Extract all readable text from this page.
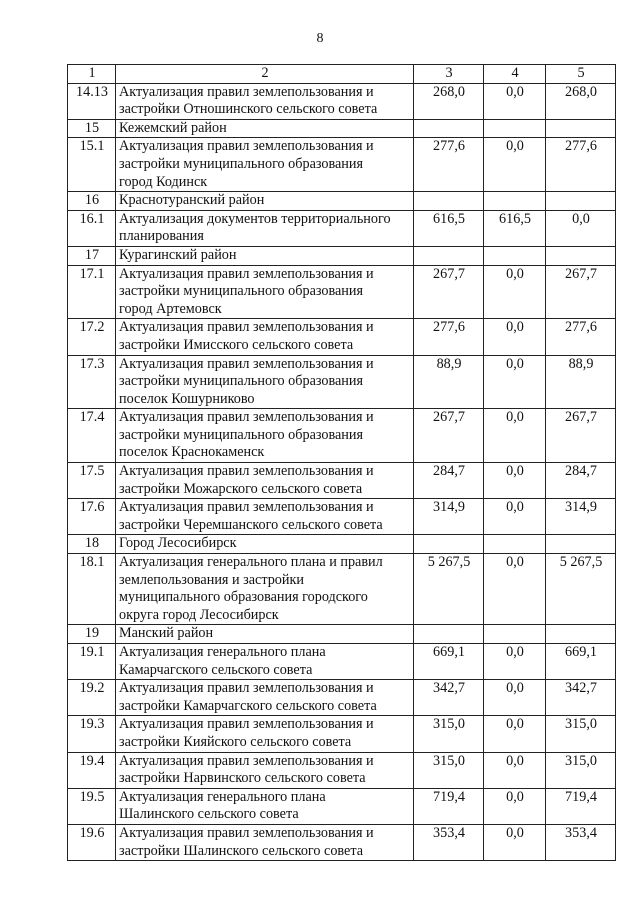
8
1	2	3	4	5
14.13	Актуализация правил землепользования и
застройки Отношинского сельского совета	268,0	0,0	268,0
15	Кежемский район			

15.1	Актуализация правил землепользования и
застройки муниципального образования
город Кодинск	277,6	0,0	277,6
16	Краснотуранский район			

16.1	Актуализация документов территориального
планирования	616,5	616,5	0,0
17	Курагинский район			

17.1	Актуализация правил землепользования и
застройки муниципального образования
город Артемовск	267,7	0,0	267,7
17.2	Актуализация правил землепользования и
застройки Имисского сельского совета	277,6	0,0	277,6
17.3	Актуализация правил землепользования и
застройки муниципального образования
поселок Кошурниково	88,9	0,0	88,9
17.4	Актуализация правил землепользования и
застройки муниципального образования
поселок Краснокаменск	267,7	0,0	267,7
17.5	Актуализация правил землепользования и
застройки Можарского сельского совета	284,7	0,0	284,7
17.6	Актуализация правил землепользования и
застройки Черемшанского сельского совета	314,9	0,0	314,9
18	Город Лесосибирск			

18.1	Актуализация генерального плана и правил
землепользования и застройки
муниципального образования городского
округа город Лесосибирск	5 267,5	0,0	5 267,5
19	Манский район			

19.1	Актуализация генерального плана
Камарчагского сельского совета	669,1	0,0	669,1
19.2	Актуализация правил землепользования и
застройки Камарчагского сельского совета	342,7	0,0	342,7
19.3	Актуализация правил землепользования и
застройки Кияйского сельского совета	315,0	0,0	315,0
19.4	Актуализация правил землепользования и
застройки Нарвинского сельского совета	315,0	0,0	315,0
19.5	Актуализация генерального плана
Шалинского сельского совета	719,4	0,0	719,4
19.6	Актуализация правил землепользования и
застройки Шалинского сельского совета	353,4	0,0	353,4
